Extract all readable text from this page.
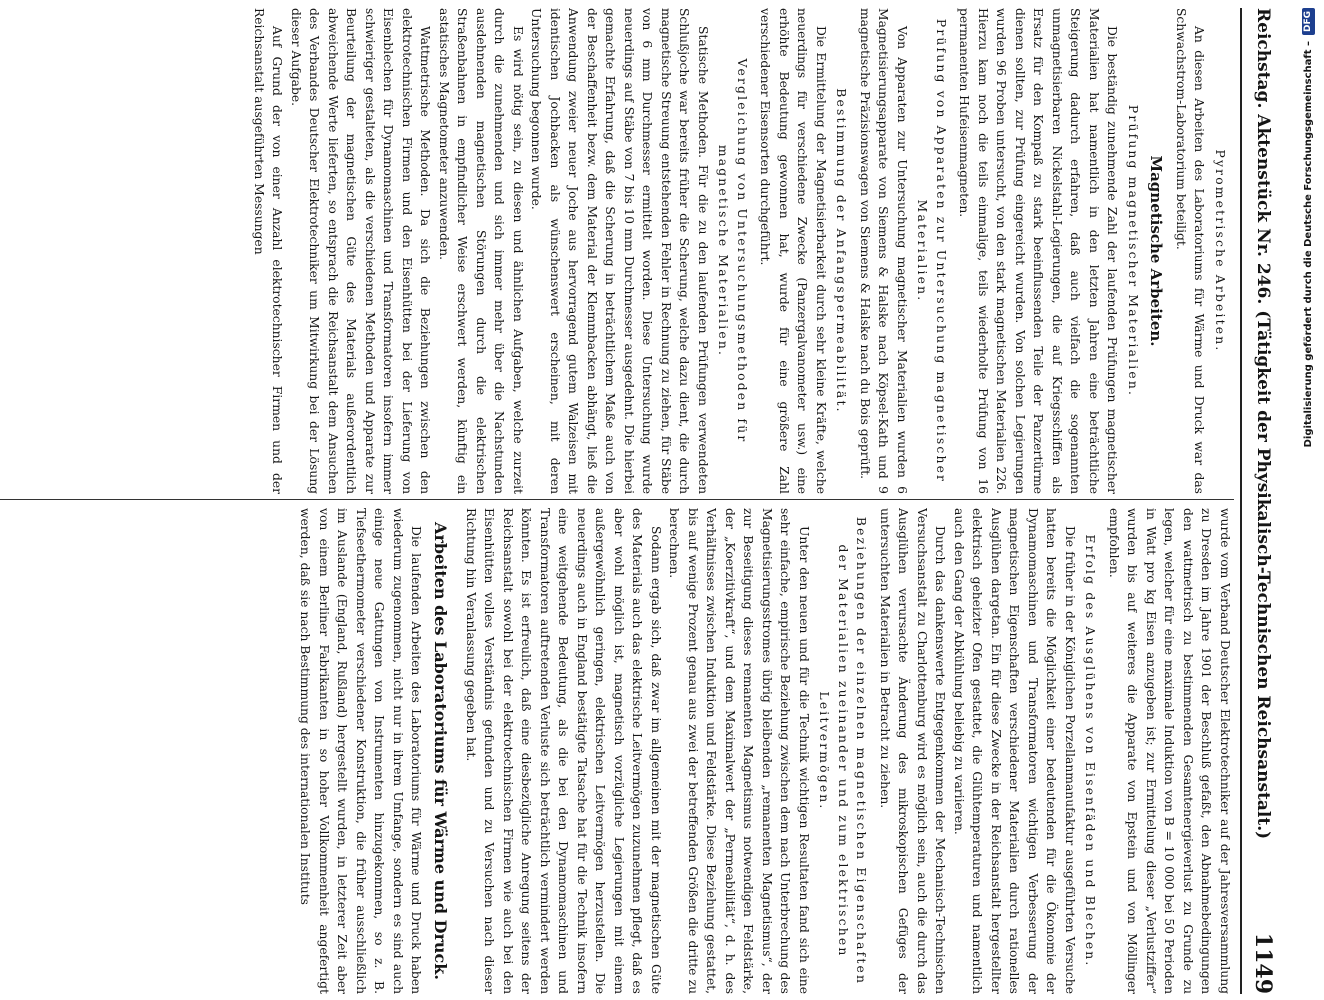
Reichstag. Aktenstück Nr. 246. (Tätigkeit der Physikalisch-Technischen Reichsanstalt.)
1149
Pyrometrische Arbeiten.

An diesen Arbeiten des Laboratoriums für Wärme und Druck war das Schwachstrom-Laboratorium beteiligt.

Magnetische Arbeiten.
Prüfung magnetischer Materialien.

Die beständig zunehmende Zahl der laufenden Prüfungen magnetischer Materialien hat namentlich in den letzten Jahren eine beträchtliche Steigerung dadurch erfahren, daß auch vielfach die sogenannten unmagnetisierbaren Nickelstahl-Legierungen, die auf Kriegsschiffen als Ersatz für den Kompaß zu stark beeinflussenden Teile der Panzertürme dienen sollten, zur Prüfung eingereicht wurden. Von solchen Legierungen wurden 96 Proben untersucht, von den stark magnetischen Materialien 226. Hierzu kam noch die teils einmalige, teils wiederholte Prüfung von 16 permanenten Hufeisenmagneten.

Prüfung von Apparaten zur Untersuchung magnetischer Materialien.

Von Apparaten zur Untersuchung magnetischer Materialien wurden 6 Magnetisierungsapparate von Siemens & Halske nach Köpsel-Kath und 9 magnetische Präzisionswagen von Siemens & Halske nach du Bois geprüft.

Bestimmung der Anfangspermeabilität.

Die Ermittelung der Magnetisierbarkeit durch sehr kleine Kräfte, welche neuerdings für verschiedene Zwecke (Panzergalvanometer usw.) eine erhöhte Bedeutung gewonnen hat, wurde für eine größere Zahl verschiedener Eisensorten durchgeführt.

Vergleichung von Untersuchungsmethoden für magnetische Materialien.

Statische Methoden. Für die zu den laufenden Prüfungen verwendeten Schlußjoche war bereits früher die Scherung, welche dazu dient, die durch magnetische Streuung entstehenden Fehler in Rechnung zu ziehen, für Stäbe von 6 mm Durchmesser ermittelt worden. Diese Untersuchung wurde neuerdings auf Stäbe von 7 bis 10 mm Durchmesser ausgedehnt. Die hierbei gemachte Erfahrung, daß die Scherung in beträchtlichem Maße auch von der Beschaffenheit bezw. dem Material der Klemmbacken abhängt, ließ die Anwendung zweier neuer Joche aus hervorragend gutem Walzeisen mit identischen Jochbacken als wünschenswert erscheinen, mit deren Untersuchung begonnen wurde.

Es wird nötig sein, zu diesen und ähnlichen Aufgaben, welche zurzeit durch die zunehmenden und sich immer mehr über die Nachstunden ausdehnenden magnetischen Störungen durch die elektrischen Straßenbahnen in empfindlicher Weise erschwert werden, künftig ein astatisches Magnetometer anzuwenden.

Wattmetrische Methoden. Da sich die Beziehungen zwischen den elektrotechnischen Firmen und den Eisenhütten bei der Lieferung von Eisenblechen für Dynamomaschinen und Transformatoren insofern immer schwieriger gestalteten, als die verschiedenen Methoden und Apparate zur Beurteilung der magnetischen Güte des Materials außerordentlich abweichende Werte lieferten, so entsprach die Reichsanstalt dem Ansuchen des Verbandes Deutscher Elektrotechniker um Mitwirkung bei der Lösung dieser Aufgabe.

Auf Grund der von einer Anzahl elektrotechnischer Firmen und der Reichsanstalt ausgeführten Messungen

wurde vom Verband Deutscher Elektrotechniker auf der Jahresversammlung zu Dresden im Jahre 1901 der Beschluß gefaßt, den Abnahmebedingungen den wattmetrisch zu bestimmenden Gesamtenergieverlust zu Grunde zu legen, welcher für eine maximale Induktion von B = 10 000 bei 50 Perioden in Watt pro kg Eisen anzugeben ist; zur Ermittelung dieser „Verlustziffer“ wurden bis auf weiteres die Apparate von Epstein und von Möllinger empfohlen.

Erfolg des Ausglühens von Eisenfäden und Blechen.

Die früher in der Königlichen Porzellanmanufaktur ausgeführten Versuche hatten bereits die Möglichkeit einer bedeutenden für die Ökonomie der Dynamomaschinen und Transformatoren wichtigen Verbesserung der magnetischen Eigenschaften verschiedener Materialien durch rationelles Ausglühen dargetan. Ein für diese Zwecke in der Reichsanstalt hergestellter elektrisch geheizter Ofen gestattet, die Glühtemperaturen und namentlich auch den Gang der Abkühlung beliebig zu variieren.

Durch das dankenswerte Entgegenkommen der Mechanisch-Technischen Versuchsanstalt zu Charlottenburg wird es möglich sein, auch die durch das Ausglühen verursachte Änderung des mikroskopischen Gefüges der untersuchten Materialien in Betracht zu ziehen.

Beziehungen der einzelnen magnetischen Eigenschaften der Materialien zueinander und zum elektrischen Leitvermögen.

Unter den neuen und für die Technik wichtigen Resultaten fand sich eine sehr einfache, empirische Beziehung zwischen dem nach Unterbrechung des Magnetisierungsstromes übrig bleibenden „remanenten Magnetismus“, der zur Beseitigung dieses remanenten Magnetismus notwendigen Feldstärke, der „Koerzitivkraft“, und dem Maximalwert der „Permeabilität“, d. h. des Verhältnisses zwischen Induktion und Feldstärke. Diese Beziehung gestattet, bis auf wenige Prozent genau aus zwei der betreffenden Größen die dritte zu berechnen.

Sodann ergab sich, daß zwar im allgemeinen mit der magnetischen Güte des Materials auch das elektrische Leitvermögen zuzunehmen pflegt, daß es aber wohl möglich ist, magnetisch vorzügliche Legierungen mit einem außergewöhnlich geringen, elektrischen Leitvermögen herzustellen. Die neuerdings auch in England bestätigte Tatsache hat für die Technik insofern eine weitgehende Bedeutung, als die bei den Dynamomaschinen und Transformatoren auftretenden Verluste sich beträchtlich vermindert werden könnten. Es ist erfreulich, daß eine diesbezügliche Anregung seitens der Reichsanstalt sowohl bei der elektrotechnischen Firmen wie auch bei den Eisenhütten volles Verständnis gefunden und zu Versuchen nach dieser Richtung hin Veranlassung gegeben hat.

Arbeiten des Laboratoriums für Wärme und Druck.

Die laufenden Arbeiten des Laboratoriums für Wärme und Druck haben wiederum zugenommen, nicht nur in ihrem Umfange, sondern es sind auch einige neue Gattungen von Instrumenten hinzugekommen, so z. B. Tiefseethermometer verschiedener Konstruktion, die früher ausschließlich im Auslande (England, Rußland) hergestellt wurden, in letzterer Zeit aber von einem Berliner Fabrikanten in so hoher Vollkommenheit angefertigt werden, daß sie nach Bestimmung des internationalen Instituts

Digitalisierung gefördert durch die Deutsche Forschungsgemeinschaft –
DFG
